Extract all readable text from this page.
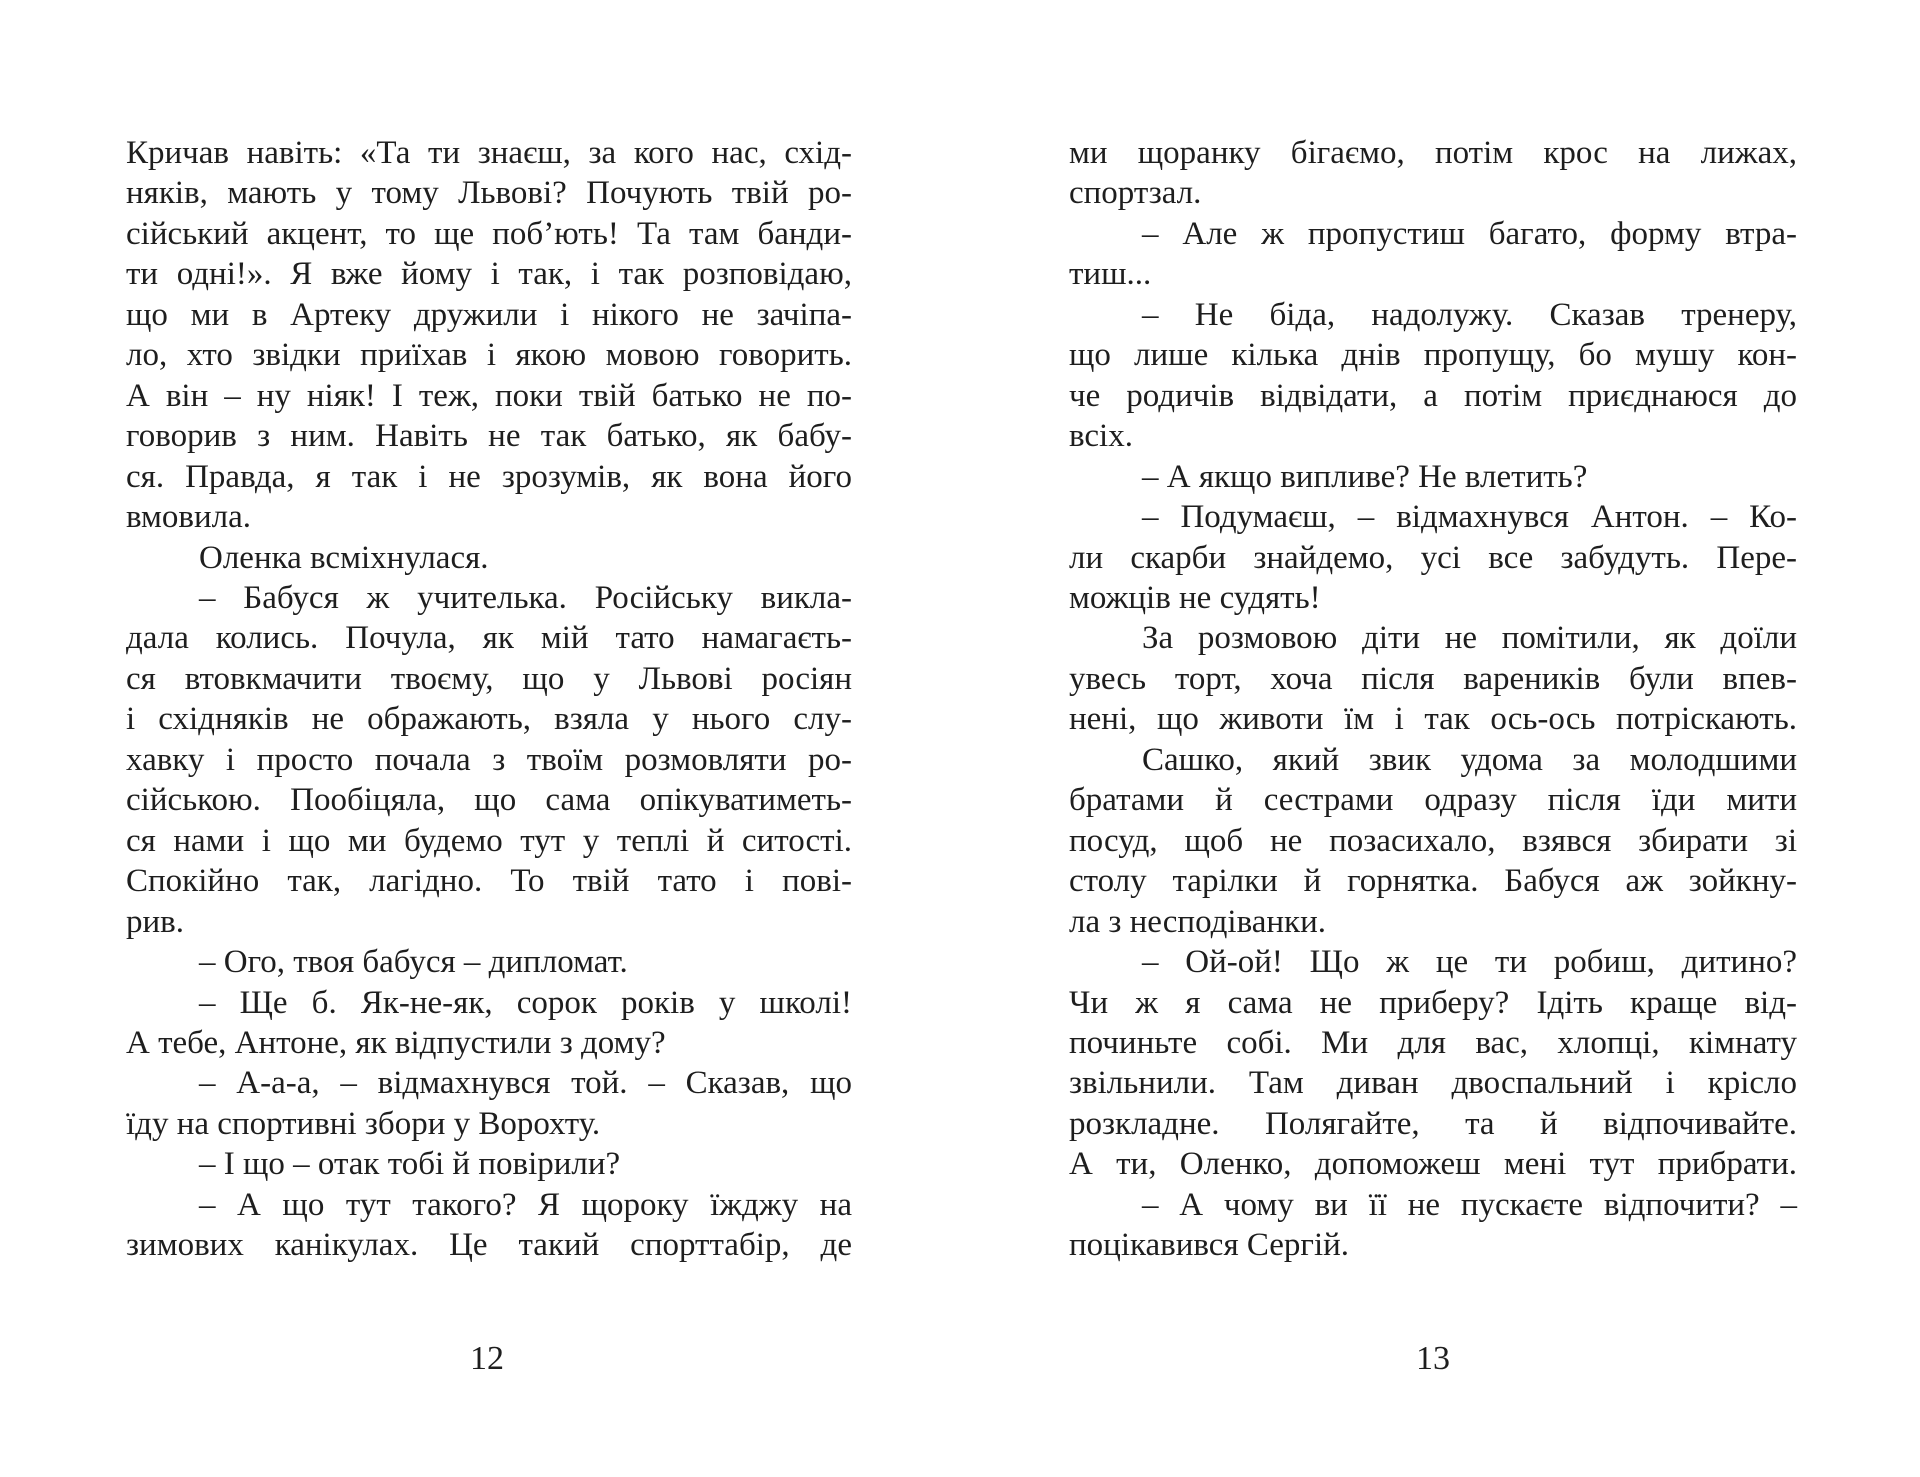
Кричав навіть: «Та ти знаєш, за кого нас, схід-
няків, мають у тому Львові? Почують твій ро-
сійський акцент, то ще поб’ють! Та там банди-
ти одні!». Я вже йому і так, і так розповідаю,
що ми в Артеку дружили і нікого не зачіпа-
ло, хто звідки приїхав і якою мовою говорить.
А він – ну ніяк! І теж, поки твій батько не по-
говорив з ним. Навіть не так батько, як бабу-
ся. Правда, я так і не зрозумів, як вона його
вмовила.
Оленка всміхнулася.
– Бабуся ж учителька. Російську викла-
дала колись. Почула, як мій тато намагаєть-
ся втовкмачити твоєму, що у Львові росіян
і східняків не ображають, взяла у нього слу-
хавку і просто почала з твоїм розмовляти ро-
сійською. Пообіцяла, що сама опікуватиметь-
ся нами і що ми будемо тут у теплі й ситості.
Спокійно так, лагідно. То твій тато і пові-
рив.
– Ого, твоя бабуся – дипломат.
– Ще б. Як-не-як, сорок років у школі!
А тебе, Антоне, як відпустили з дому?
– А-а-а, – відмахнувся той. – Сказав, що
їду на спортивні збори у Ворохту.
– І що – отак тобі й повірили?
– А що тут такого? Я щороку їжджу на
зимових канікулах. Це такий спорттабір, де
ми щоранку бігаємо, потім крос на лижах,
спортзал.
– Але ж пропустиш багато, форму втра-
тиш...
– Не біда, надолужу. Сказав тренеру,
що лише кілька днів пропущу, бо мушу кон-
че родичів відвідати, а потім приєднаюся до
всіх.
– А якщо випливе? Не влетить?
– Подумаєш, – відмахнувся Антон. – Ко-
ли скарби знайдемо, усі все забудуть. Пере-
можців не судять!
За розмовою діти не помітили, як доїли
увесь торт, хоча після вареників були впев-
нені, що животи їм і так ось-ось потріскають.
Сашко, який звик удома за молодшими
братами й сестрами одразу після їди мити
посуд, щоб не позасихало, взявся збирати зі
столу тарілки й горнятка. Бабуся аж зойкну-
ла з несподіванки.
– Ой-ой! Що ж це ти робиш, дитино?
Чи ж я сама не приберу? Ідіть краще від-
починьте собі. Ми для вас, хлопці, кімнату
звільнили. Там диван двоспальний і крісло
розкладне. Полягайте, та й відпочивайте.
А ти, Оленко, допоможеш мені тут прибрати.
– А чому ви її не пускаєте відпочити? –
поцікавився Сергій.
12	13
